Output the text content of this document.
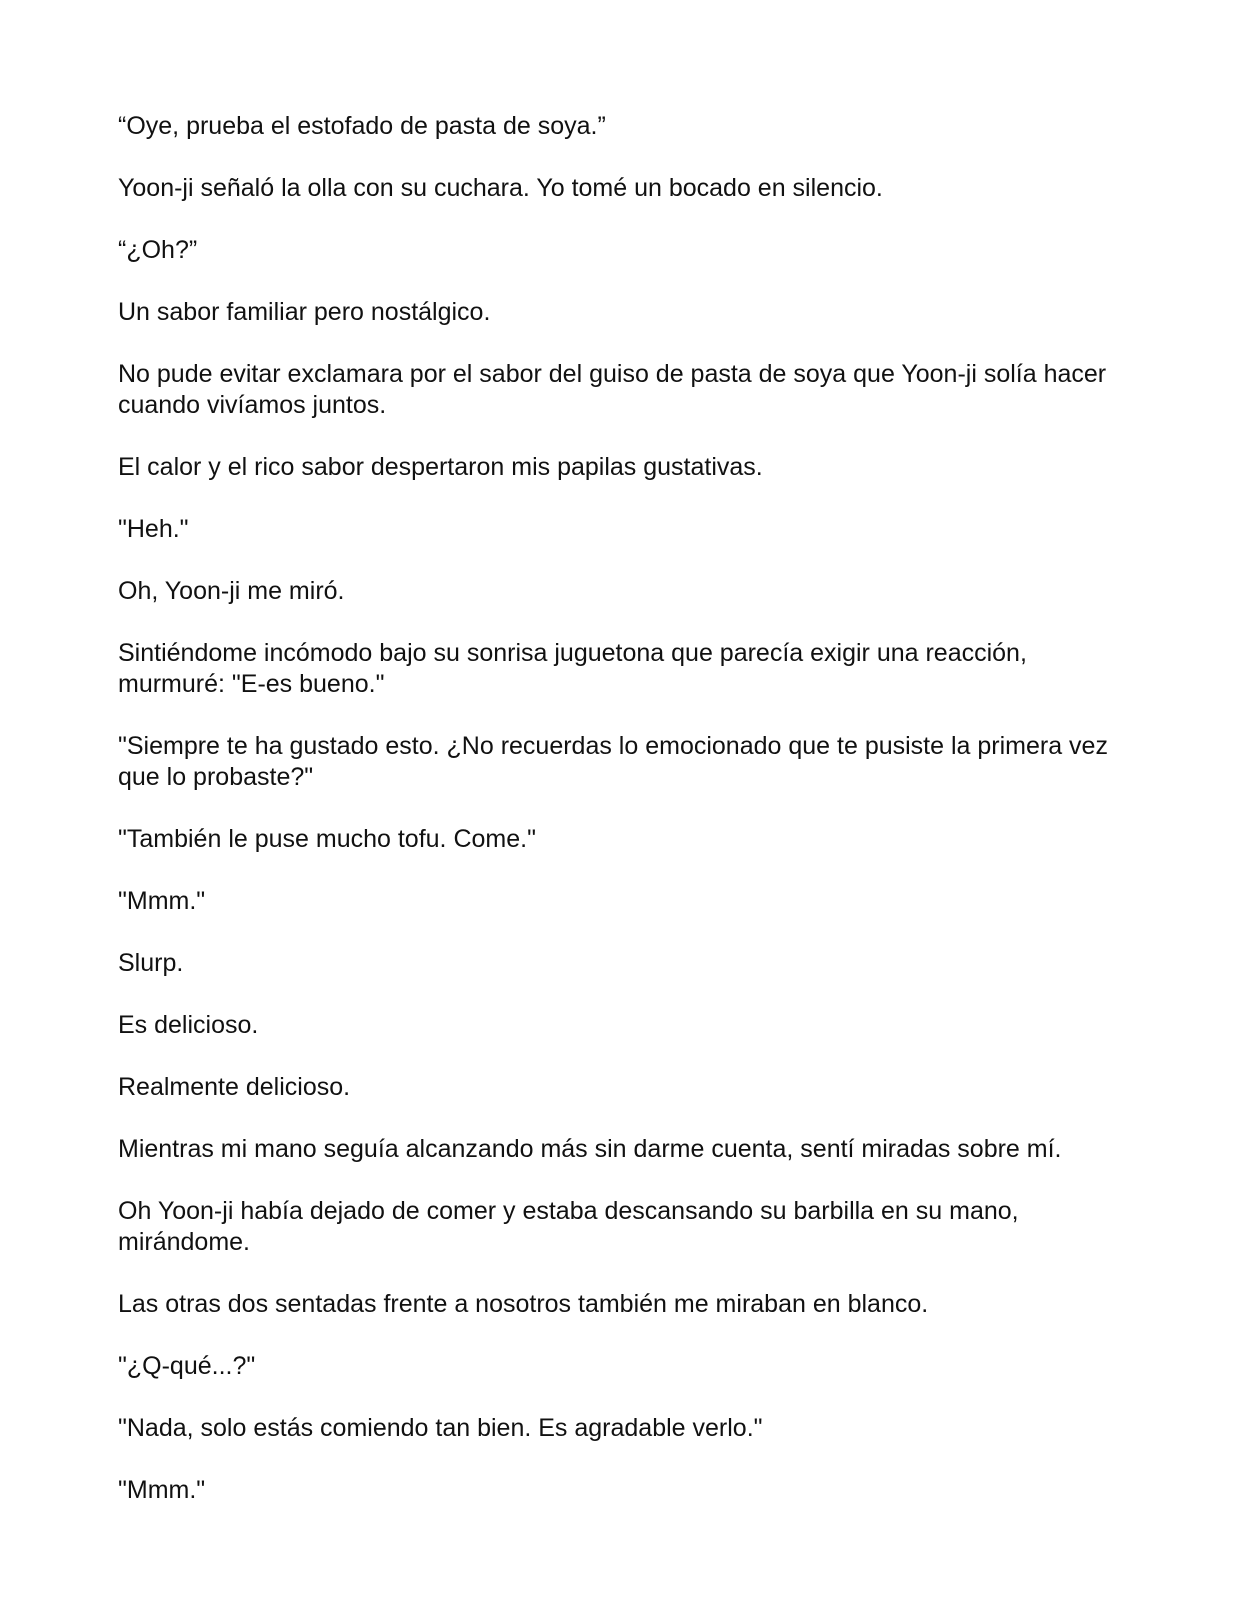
“Oye, prueba el estofado de pasta de soya.”

Yoon-ji señaló la olla con su cuchara. Yo tomé un bocado en silencio.

“¿Oh?”

Un sabor familiar pero nostálgico.

No pude evitar exclamara por el sabor del guiso de pasta de soya que Yoon-ji solía hacer cuando vivíamos juntos.

El calor y el rico sabor despertaron mis papilas gustativas.

"Heh."

Oh, Yoon-ji me miró.

Sintiéndome incómodo bajo su sonrisa juguetona que parecía exigir una reacción, murmuré: "E-es bueno."

"Siempre te ha gustado esto. ¿No recuerdas lo emocionado que te pusiste la primera vez que lo probaste?"

"También le puse mucho tofu. Come."

"Mmm."

Slurp.

Es delicioso.

Realmente delicioso.

Mientras mi mano seguía alcanzando más sin darme cuenta, sentí miradas sobre mí.

Oh Yoon-ji había dejado de comer y estaba descansando su barbilla en su mano, mirándome.

Las otras dos sentadas frente a nosotros también me miraban en blanco.

"¿Q-qué...?"

"Nada, solo estás comiendo tan bien. Es agradable verlo."

"Mmm."
